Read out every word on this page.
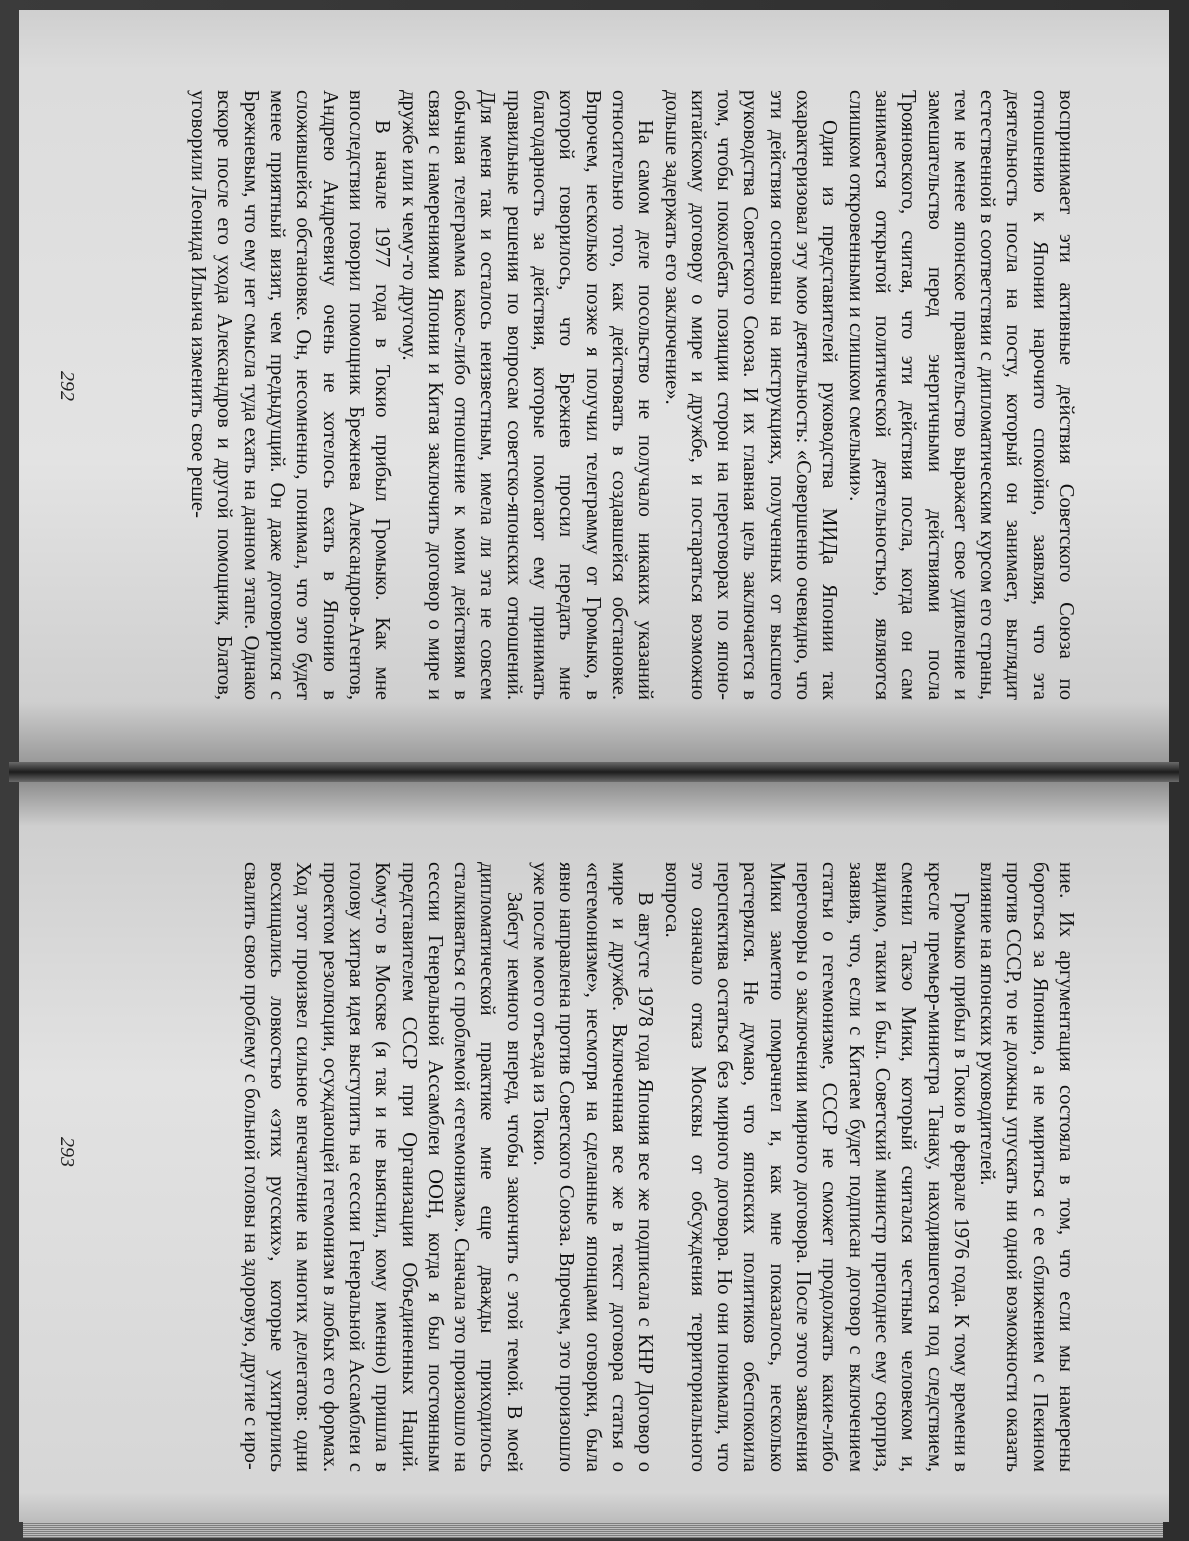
воспринимает эти активные действия Советского Союза по отношению к Японии нарочито спокойно, заявляя, что эта деятельность посла на посту, который он занимает, выглядит естественной в соответствии с дипломатическим курсом его страны, тем не менее японское правительство выражает свое удивление и замешательство перед энергичными действиями посла Трояновского, считая, что эти действия посла, когда он сам занимается открытой политической деятельностью, являются слишком откровенными и слишком смелыми».

Один из представителей руководства МИДа Японии так охарактеризовал эту мою деятельность: «Совершенно очевидно, что эти действия основаны на инструкциях, полученных от высшего руководства Советского Союза. И их главная цель заключается в том, чтобы поколебать позиции сторон на переговорах по японо-китайскому договору о мире и дружбе, и постараться возможно дольше задержать его заключение».

На самом деле посольство не получало никаких указаний относительно того, как действовать в создавшейся обстановке. Впрочем, несколько позже я получил телеграмму от Громыко, в которой говорилось, что Брежнев просил передать мне благодарность за действия, которые помогают ему принимать правильные решения по вопросам советско-японских отношений. Для меня так и осталось неизвестным, имела ли эта не совсем обычная телеграмма какое-либо отношение к моим действиям в связи с намерениями Японии и Китая заключить договор о мире и дружбе или к чему-то другому.

В начале 1977 года в Токио прибыл Громыко. Как мне впоследствии говорил помощник Брежнева Александров-Агентов, Андрею Андреевичу очень не хотелось ехать в Японию в сложившейся обстановке. Он, несомненно, понимал, что это будет менее приятный визит, чем предыдущий. Он даже договорился с Брежневым, что ему нет смысла туда ехать на данном этапе. Однако вскоре после его ухода Александров и другой помощник, Блатов, уговорили Леонида Ильича изменить свое реше-

292

ние. Их аргументация состояла в том, что если мы намерены бороться за Японию, а не мириться с ее сближением с Пекином против СССР, то не должны упускать ни одной возможности оказать влияние на японских руководителей.

Громыко прибыл в Токио в феврале 1976 года. К тому времени в кресле премьер-министра Танаку, находившегося под следствием, сменил Такэо Мики, который считался честным человеком и, видимо, таким и был. Советский министр преподнес ему сюрприз, заявив, что, если с Китаем будет подписан договор с включением статьи о гегемонизме, СССР не сможет продолжать какие-либо переговоры о заключении мирного договора. После этого заявления Мики заметно помрачнел и, как мне показалось, несколько растерялся. Не думаю, что японских политиков обеспокоила перспектива остаться без мирного договора. Но они понимали, что это означало отказ Москвы от обсуждения территориального вопроса.

В августе 1978 года Япония все же подписала с КНР Договор о мире и дружбе. Включенная все же в текст договора статья о «гегемонизме», несмотря на сделанные японцами оговорки, была явно направлена против Советского Союза. Впрочем, это произошло уже после моего отъезда из Токио.

Забегу немного вперед, чтобы закончить с этой темой. В моей дипломатической практике мне еще дважды приходилось сталкиваться с проблемой «гегемонизма». Сначала это произошло на сессии Генеральной Ассамблеи ООН, когда я был постоянным представителем СССР при Организации Объединенных Наций. Кому-то в Москве (я так и не выяснил, кому именно) пришла в голову хитрая идея выступить на сессии Генеральной Ассамблеи с проектом резолюции, осуждающей гегемонизм в любых его формах. Ход этот произвел сильное впечатление на многих делегатов: одни восхищались ловкостью «этих русских», которые ухитрились свалить свою проблему с больной головы на здоровую, другие с иро-

293
